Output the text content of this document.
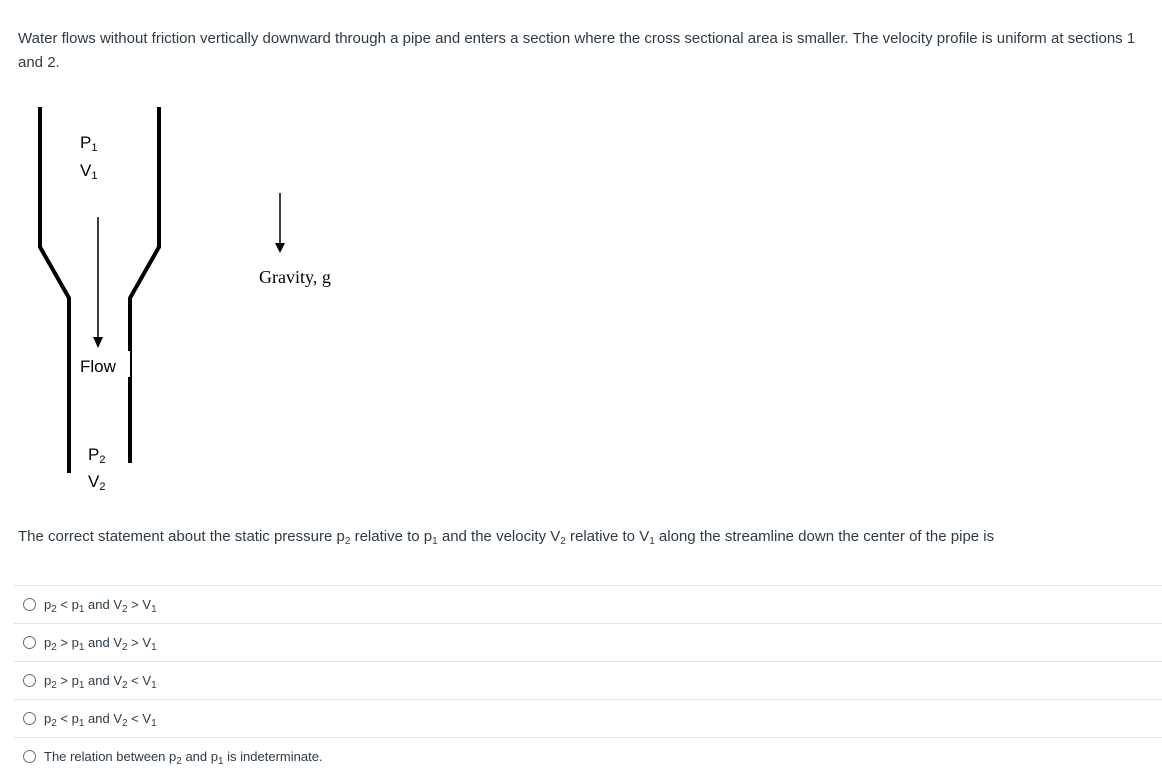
Water flows without friction vertically downward through a pipe and enters a section where the cross sectional area is smaller. The velocity profile is uniform at sections 1 and 2.
P1
V1
Flow
P2
V2
Gravity, g
The correct statement about the static pressure $p_2$ relative to $p_1$ and the velocity $V_2$ relative to $V_1$ along the streamline down the center of the pipe is
$p_2 < p_1$ and $V_2 > V_1$
$p_2 > p_1$ and $V_2 > V_1$
$p_2 > p_1$ and $V_2 < V_1$
$p_2 < p_1$ and $V_2 < V_1$
The relation between $p_2$ and $p_1$ is indeterminate.
